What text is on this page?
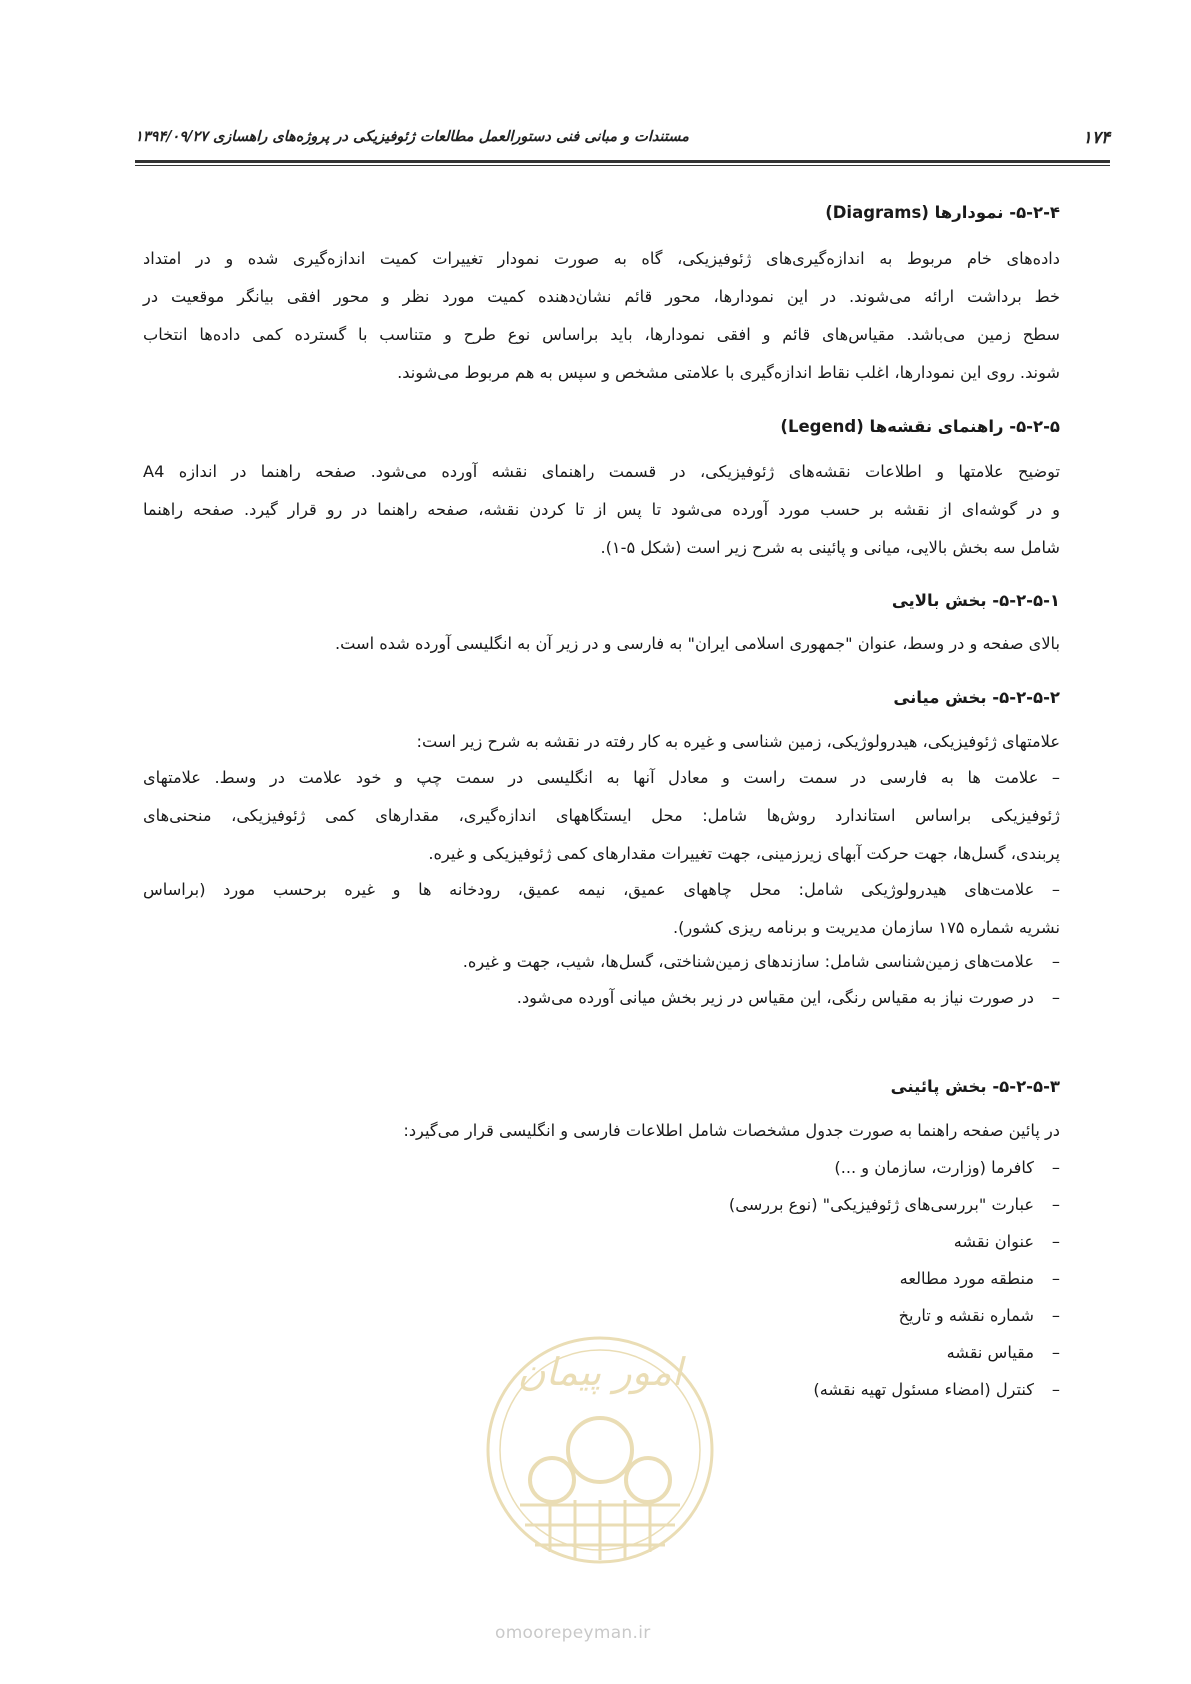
۱۷۴
مستندات و مبانی فنی دستورالعمل مطالعات ژئوفیزیکی در پروژه‌های راهسازی ۱۳۹۴/۰۹/۲۷
۵-۲-۴- نمودارها (Diagrams)
داده‌های خام مربوط به اندازه‌گیری‌های ژئوفیزیکی، گاه به صورت نمودار تغییرات کمیت اندازه‌گیری شده و در امتداد
خط برداشت ارائه می‌شوند. در این نمودارها، محور قائم نشان‌دهنده کمیت مورد نظر و محور افقی بیانگر موقعیت در
سطح زمین می‌باشد. مقیاس‌های قائم و افقی نمودارها، باید براساس نوع طرح و متناسب با گسترده کمی داده‌ها انتخاب
شوند. روی این نمودارها، اغلب نقاط اندازه‌گیری با علامتی مشخص و سپس به هم مربوط می‌شوند.
۵-۲-۵- راهنمای نقشه‌ها (Legend)
توضیح علامتها و اطلاعات نقشه‌های ژئوفیزیکی، در قسمت راهنمای نقشه آورده می‌شود. صفحه راهنما در اندازه A4
و در گوشه‌ای از نقشه بر حسب مورد آورده می‌شود تا پس از تا کردن نقشه، صفحه راهنما در رو قرار گیرد. صفحه راهنما
شامل سه بخش بالایی، میانی و پائینی به شرح زیر است (شکل ۵-۱).
۵-۲-۵-۱- بخش بالایی
بالای صفحه و در وسط، عنوان "جمهوری اسلامی ایران" به فارسی و در زیر آن به انگلیسی آورده شده است.
۵-۲-۵-۲- بخش میانی
علامتهای ژئوفیزیکی، هیدرولوژیکی، زمین شناسی و غیره به کار رفته در نقشه به شرح زیر است:
– علامت ها به فارسی در سمت راست و معادل آنها به انگلیسی در سمت چپ و خود علامت در وسط. علامتهای
ژئوفیزیکی براساس استاندارد روش‌ها شامل: محل ایستگاههای اندازه‌گیری، مقدارهای کمی ژئوفیزیکی، منحنی‌های
پربندی، گسل‌ها، جهت حرکت آبهای زیرزمینی، جهت تغییرات مقدارهای کمی ژئوفیزیکی و غیره.
– علامت‌های هیدرولوژیکی شامل: محل چاههای عمیق، نیمه عمیق، رودخانه ها و غیره برحسب مورد (براساس
نشریه شماره ۱۷۵ سازمان مدیریت و برنامه ریزی کشور).
–علامت‌های زمین‌شناسی شامل: سازندهای زمین‌شناختی، گسل‌ها، شیب، جهت و غیره.
–در صورت نیاز به مقیاس رنگی، این مقیاس در زیر بخش میانی آورده می‌شود.
۵-۲-۵-۳- بخش پائینی
در پائین صفحه راهنما به صورت جدول مشخصات شامل اطلاعات فارسی و انگلیسی قرار می‌گیرد:
–کافرما (وزارت، سازمان و ...)
–عبارت "بررسی‌های ژئوفیزیکی" (نوع بررسی)
–عنوان نقشه
–منطقه مورد مطالعه
–شماره نقشه و تاریخ
–مقیاس نقشه
–کنترل (امضاء مسئول تهیه نقشه)
امور پیمان
omoorepeyman.ir
